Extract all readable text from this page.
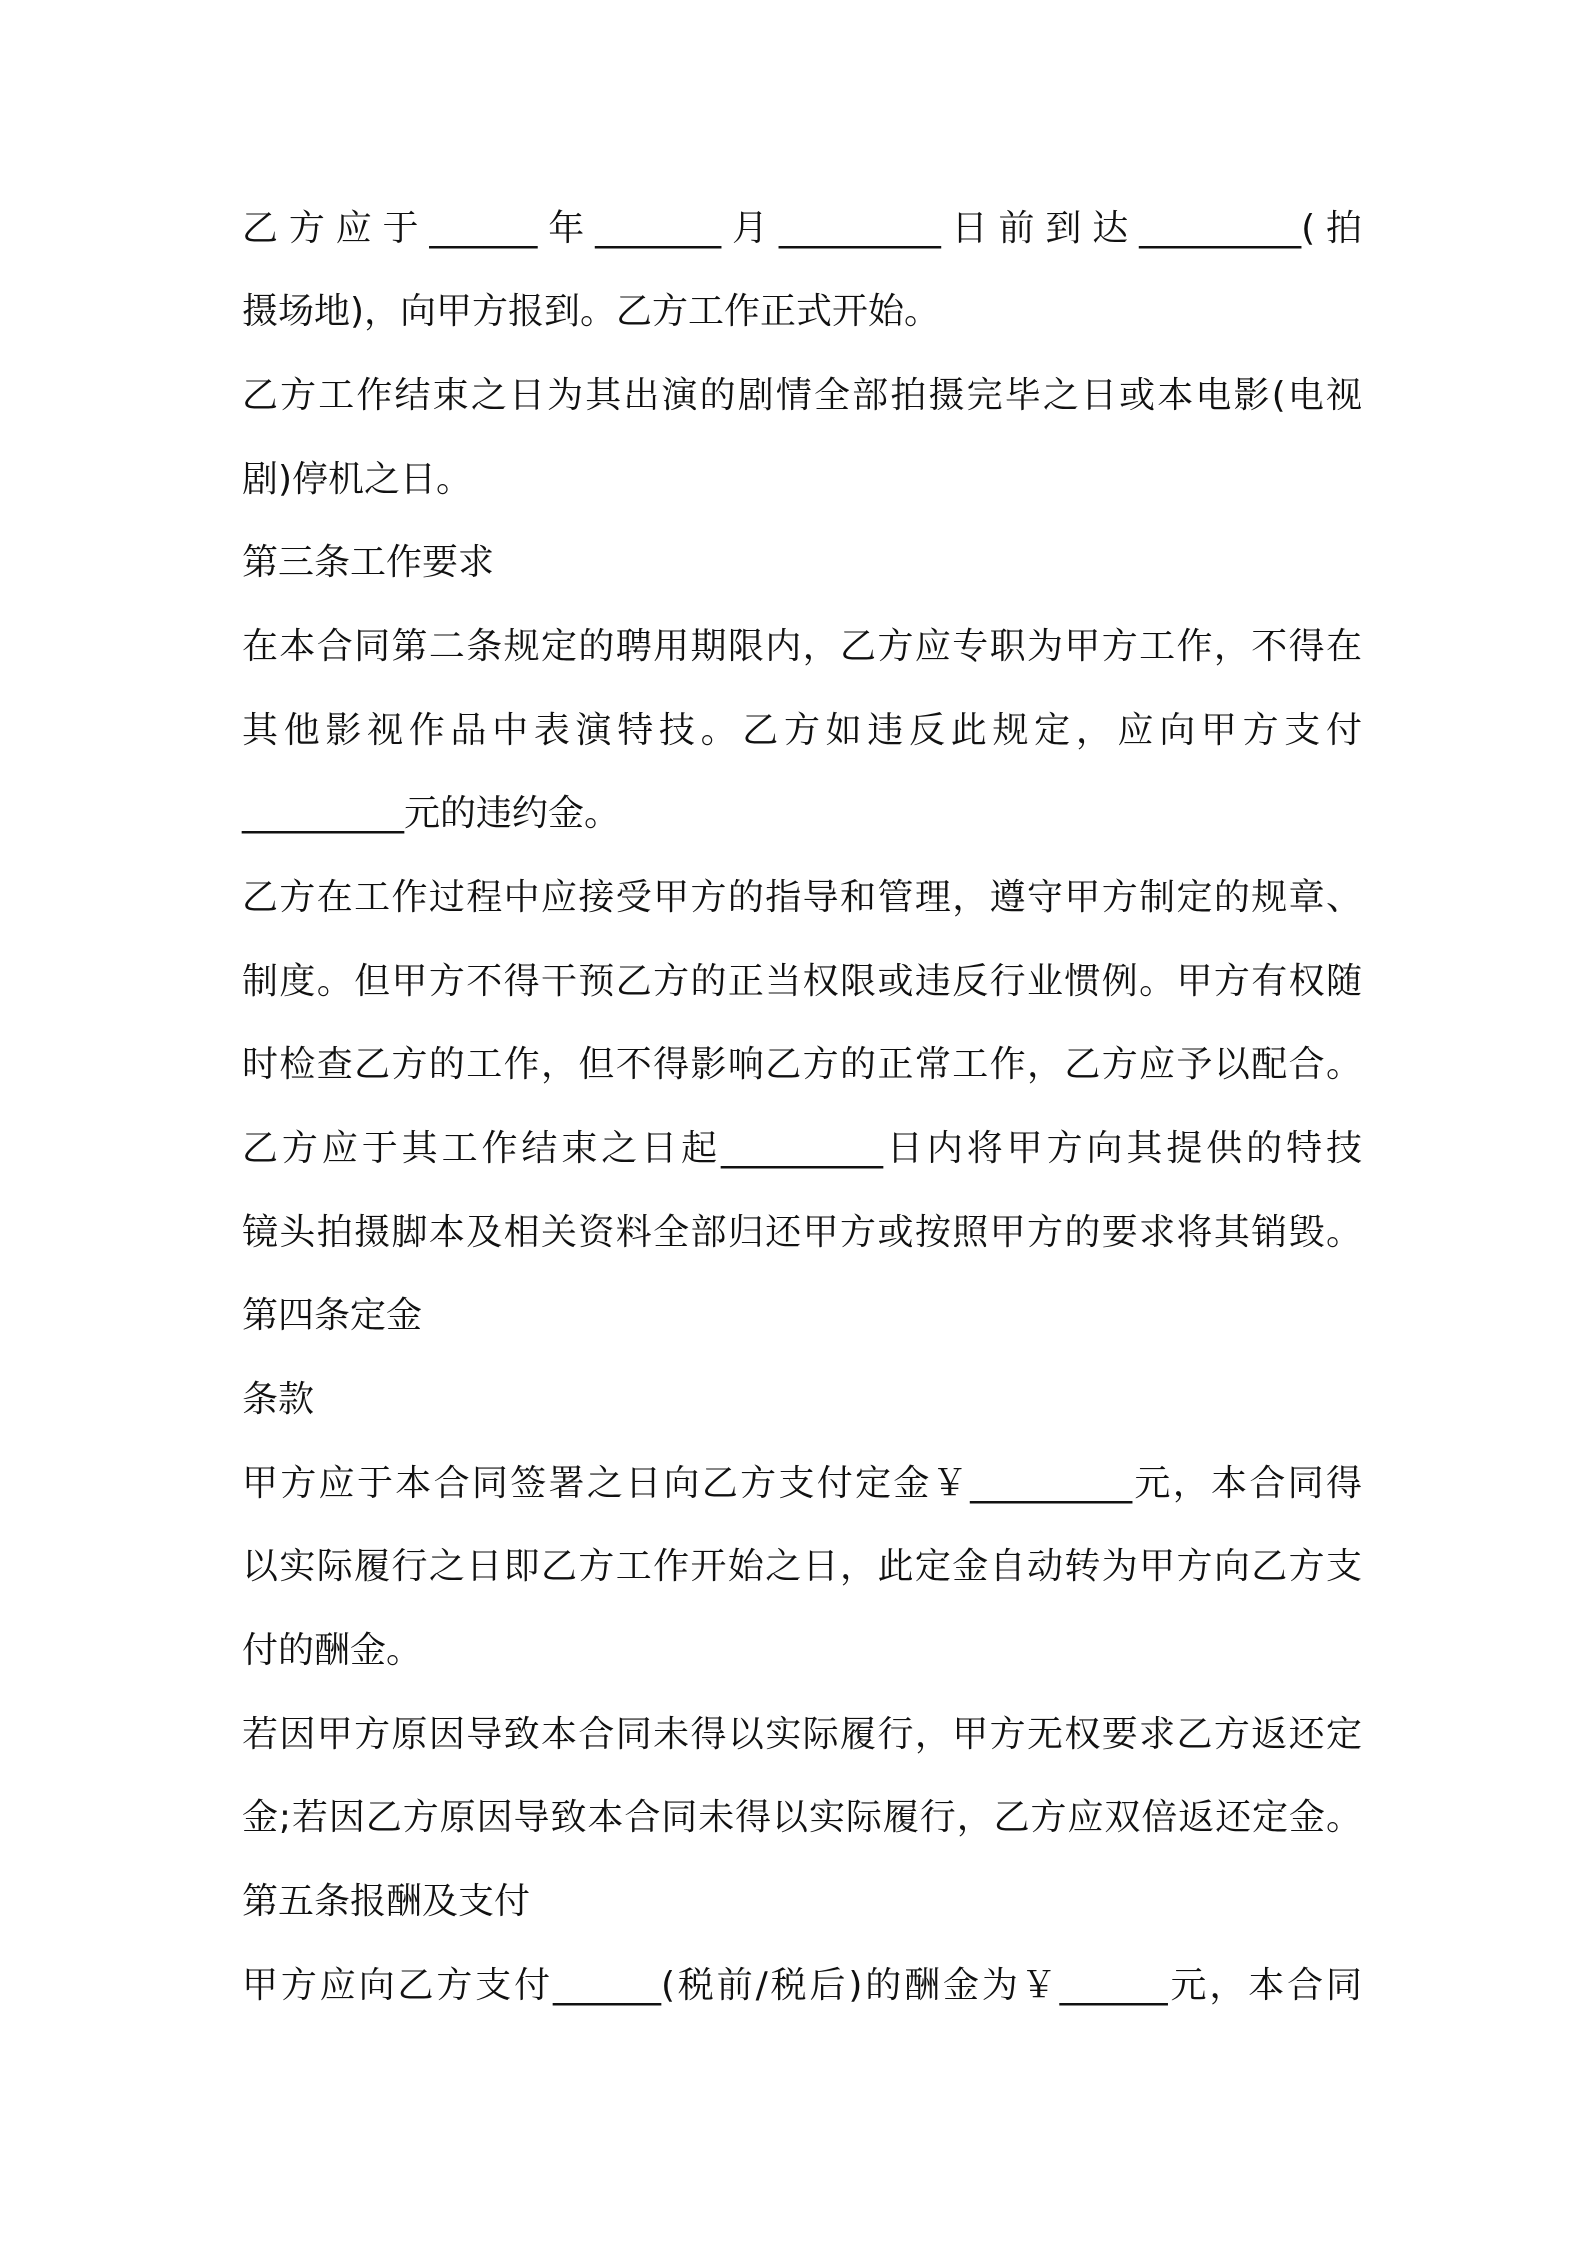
乙方应于______年_______月_________日前到达_________(拍
摄场地)，向甲方报到。乙方工作正式开始。
乙方工作结束之日为其出演的剧情全部拍摄完毕之日或本电影(电视
剧)停机之日。
第三条工作要求
在本合同第二条规定的聘用期限内，乙方应专职为甲方工作，不得在
其他影视作品中表演特技。乙方如违反此规定，应向甲方支付
_________元的违约金。
乙方在工作过程中应接受甲方的指导和管理，遵守甲方制定的规章、
制度。但甲方不得干预乙方的正当权限或违反行业惯例。甲方有权随
时检查乙方的工作，但不得影响乙方的正常工作，乙方应予以配合。
乙方应于其工作结束之日起_________日内将甲方向其提供的特技
镜头拍摄脚本及相关资料全部归还甲方或按照甲方的要求将其销毁。
第四条定金
条款
甲方应于本合同签署之日向乙方支付定金￥_________元，本合同得
以实际履行之日即乙方工作开始之日，此定金自动转为甲方向乙方支
付的酬金。
若因甲方原因导致本合同未得以实际履行，甲方无权要求乙方返还定
金;若因乙方原因导致本合同未得以实际履行，乙方应双倍返还定金。
第五条报酬及支付
甲方应向乙方支付______(税前/税后)的酬金为￥______元，本合同
